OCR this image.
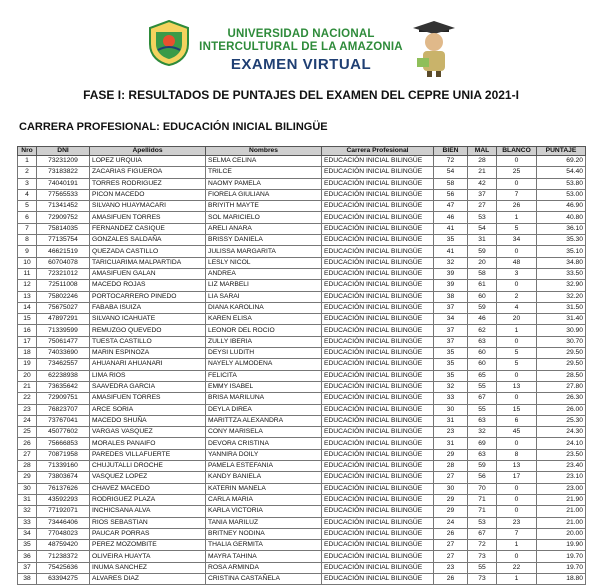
UNIVERSIDAD NACIONAL
INTERCULTURAL DE LA AMAZONIA
EXAMEN VIRTUAL
FASE I: RESULTADOS DE PUNTAJES DEL EXAMEN DEL CEPRE UNIA 2021-I
CARRERA PROFESIONAL: EDUCACIÓN INICIAL BILINGÜE
Nro	DNI	Apellidos	Nombres	Carrera Profesional	BIEN	MAL	BLANCO	PUNTAJE
1	73231209	LOPEZ URQUIA	SELMA CELINA	EDUCACIÓN INICIAL BILINGÜE	72	28	0	69.20
2	73183822	ZACARIAS FIGUEROA	TRILCE	EDUCACIÓN INICIAL BILINGÜE	54	21	25	54.40
3	74040191	TORRES RODRIGUEZ	NAOMY PAMELA	EDUCACIÓN INICIAL BILINGÜE	58	42	0	53.80
4	77565533	PICON MACEDO	FIORELA GIULIANA	EDUCACIÓN INICIAL BILINGÜE	56	37	7	53.00
5	71341452	SILVANO HUAYMACARI	BRIYITH MAYTE	EDUCACIÓN INICIAL BILINGÜE	47	27	26	46.90
6	72909752	AMASIFUEN TORRES	SOL MARICIELO	EDUCACIÓN INICIAL BILINGÜE	46	53	1	40.80
7	75814035	FERNANDEZ CASIQUE	ARELI ANARA	EDUCACIÓN INICIAL BILINGÜE	41	54	5	36.10
8	77135754	GONZALES SALDAÑA	BRISSY DANIELA	EDUCACIÓN INICIAL BILINGÜE	35	31	34	35.30
9	46621519	QUEZADA CASTILLO	JULISSA MARGARITA	EDUCACIÓN INICIAL BILINGÜE	41	59	0	35.10
10	60704078	TARICUARIMA MALPARTIDA	LESLY NICOL	EDUCACIÓN INICIAL BILINGÜE	32	20	48	34.80
11	72321012	AMASIFUEN GALAN	ANDREA	EDUCACIÓN INICIAL BILINGÜE	39	58	3	33.50
12	72511008	MACEDO ROJAS	LIZ MARBELI	EDUCACIÓN INICIAL BILINGÜE	39	61	0	32.90
13	75802246	PORTOCARRERO PINEDO	LIA SARAI	EDUCACIÓN INICIAL BILINGÜE	38	60	2	32.20
14	75675027	FABABA ISUIZA	DIANA KAROLINA	EDUCACIÓN INICIAL BILINGÜE	37	59	4	31.50
15	47897291	SILVANO ICAHUATE	KAREN ELISA	EDUCACIÓN INICIAL BILINGÜE	34	46	20	31.40
16	71339599	REMUZGO QUEVEDO	LEONOR DEL ROCIO	EDUCACIÓN INICIAL BILINGÜE	37	62	1	30.90
17	75061477	TUESTA CASTILLO	ZULLY IBERIA	EDUCACIÓN INICIAL BILINGÜE	37	63	0	30.70
18	74033690	MARIN ESPINOZA	DEYSI LUDITH	EDUCACIÓN INICIAL BILINGÜE	35	60	5	29.50
19	73462557	AHUANARI AHUANARI	NAYELY ALMODENA	EDUCACIÓN INICIAL BILINGÜE	35	60	5	29.50
20	62238938	LIMA RIOS	FELICITA	EDUCACIÓN INICIAL BILINGÜE	35	65	0	28.50
21	73635642	SAAVEDRA GARCIA	EMMY ISABEL	EDUCACIÓN INICIAL BILINGÜE	32	55	13	27.80
22	72909751	AMASIFUEN TORRES	BRISA MARILUNA	EDUCACIÓN INICIAL BILINGÜE	33	67	0	26.30
23	76823707	ARCE SORIA	DEYLA DIREA	EDUCACIÓN INICIAL BILINGÜE	30	55	15	26.00
24	73767041	MACEDO SHUÑA	MARITTZA ALEXANDRA	EDUCACIÓN INICIAL BILINGÜE	31	63	6	25.30
25	45077602	VARGAS VASQUEZ	CONY MARISELA	EDUCACIÓN INICIAL BILINGÜE	23	32	45	24.30
26	75666853	MORALES PANAIFO	DEVORA CRISTINA	EDUCACIÓN INICIAL BILINGÜE	31	69	0	24.10
27	70871958	PAREDES VILLAFUERTE	YANNIRA DOILY	EDUCACIÓN INICIAL BILINGÜE	29	63	8	23.50
28	71339160	CHUJUTALLI DROCHE	PAMELA ESTEFANIA	EDUCACIÓN INICIAL BILINGÜE	28	59	13	23.40
29	73803674	VASQUEZ LOPEZ	KANDY BANIELA	EDUCACIÓN INICIAL BILINGÜE	27	56	17	23.10
30	76137626	CHAVEZ MACEDO	KATERIN MANELA	EDUCACIÓN INICIAL BILINGÜE	30	70	0	23.00
31	43592293	RODRIGUEZ PLAZA	CARLA MARIA	EDUCACIÓN INICIAL BILINGÜE	29	71	0	21.90
32	77192071	INCHICSANA ALVA	KARLA VICTORIA	EDUCACIÓN INICIAL BILINGÜE	29	71	0	21.00
33	73446406	RIOS SEBASTIAN	TANIA MARILUZ	EDUCACIÓN INICIAL BILINGÜE	24	53	23	21.00
34	77048023	PAUCAR PORRAS	BRITNEY NODINA	EDUCACIÓN INICIAL BILINGÜE	26	67	7	20.00
35	48759420	PEREZ MOZOMBITE	THALIA GERMITA	EDUCACIÓN INICIAL BILINGÜE	27	72	1	19.90
36	71238372	OLIVEIRA HUAYTA	MAYRA TAHINA	EDUCACIÓN INICIAL BILINGÜE	27	73	0	19.70
37	75425636	INUMA SANCHEZ	ROSA ARMINDA	EDUCACIÓN INICIAL BILINGÜE	23	55	22	19.70
38	63394275	ALVARES DIAZ	CRISTINA CASTAÑELA	EDUCACIÓN INICIAL BILINGÜE	26	73	1	18.80
